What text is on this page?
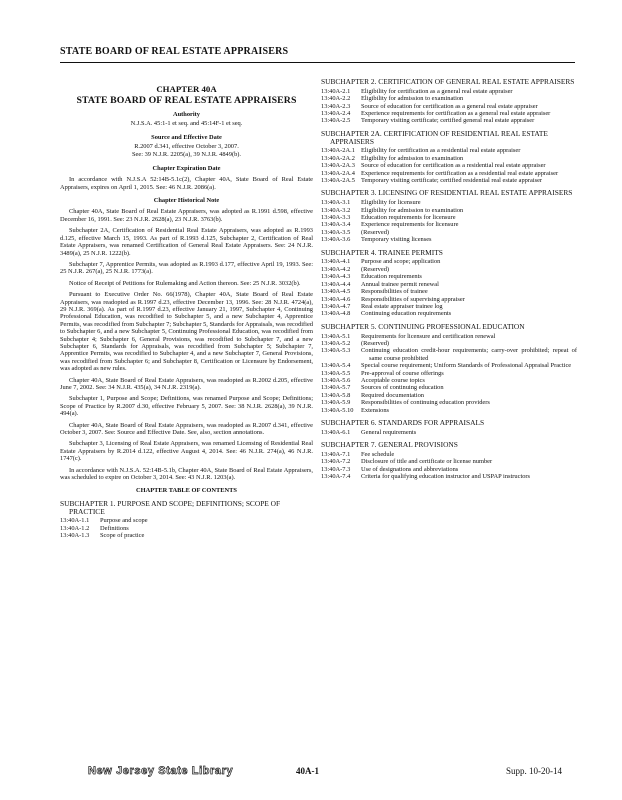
STATE BOARD OF REAL ESTATE APPRAISERS
CHAPTER 40A
STATE BOARD OF REAL ESTATE APPRAISERS
Authority
N.J.S.A. 45:1-1 et seq. and 45:14F-1 et seq.
Source and Effective Date
R.2007 d.341, effective October 3, 2007.
See: 39 N.J.R. 2205(a), 39 N.J.R. 4849(b).
Chapter Expiration Date

In accordance with N.J.S.A 52:14B-5.1c(2), Chapter 40A, State Board of Real Estate Appraisers, expires on April 1, 2015. See: 46 N.J.R. 2086(a).

Chapter Historical Note

Chapter 40A, State Board of Real Estate Appraisers, was adopted as R.1991 d.598, effective December 16, 1991. See: 23 N.J.R. 2628(a), 23 N.J.R. 3763(b).

Subchapter 2A, Certification of Residential Real Estate Appraisers, was adopted as R.1993 d.125, effective March 15, 1993. As part of R.1993 d.125, Subchapter 2, Certification of Real Estate Appraisers, was renamed Certification of General Real Estate Appraisers. See: 24 N.J.R. 3489(a), 25 N.J.R. 1222(b).

Subchapter 7, Apprentice Permits, was adopted as R.1993 d.177, effective April 19, 1993. See: 25 N.J.R. 267(a), 25 N.J.R. 1773(a).

Notice of Receipt of Petitions for Rulemaking and Action thereon. See: 25 N.J.R. 3032(b).

Pursuant to Executive Order No. 66(1978), Chapter 40A, State Board of Real Estate Appraisers, was readopted as R.1997 d.23, effective December 13, 1996. See: 28 N.J.R. 4724(a), 29 N.J.R. 369(a). As part of R.1997 d.23, effective January 21, 1997, Subchapter 4, Continuing Professional Education, was recodified to Subchapter 5, and a new Subchapter 4, Apprentice Permits, was recodified from Subchapter 7; Subchapter 5, Standards for Appraisals, was recodified to Subchapter 6, and a new Subchapter 5, Continuing Professional Education, was recodified from Subchapter 4; Subchapter 6, General Provisions, was recodified to Subchapter 7, and a new Subchapter 6, Standards for Appraisals, was recodified from Subchapter 5; Subchapter 7, Apprentice Permits, was recodified to Subchapter 4, and a new Subchapter 7, General Provisions, was recodified from Subchapter 6; and Subchapter 8, Certification or Licensure by Endorsement, was adopted as new rules.

Chapter 40A, State Board of Real Estate Appraisers, was readopted as R.2002 d.205, effective June 7, 2002. See: 34 N.J.R. 435(a), 34 N.J.R. 2319(a).

Subchapter 1, Purpose and Scope; Definitions, was renamed Purpose and Scope; Definitions; Scope of Practice by R.2007 d.30, effective February 5, 2007. See: 38 N.J.R. 2628(a), 39 N.J.R. 494(a).

Chapter 40A, State Board of Real Estate Appraisers, was readopted as R.2007 d.341, effective October 3, 2007. See: Source and Effective Date. See, also, section annotations.

Subchapter 3, Licensing of Real Estate Appraisers, was renamed Licensing of Residential Real Estate Appraisers by R.2014 d.122, effective August 4, 2014. See: 46 N.J.R. 274(a), 46 N.J.R. 1747(c).

In accordance with N.J.S.A. 52:14B-5.1b, Chapter 40A, State Board of Real Estate Appraisers, was scheduled to expire on October 3, 2014. See: 43 N.J.R. 1203(a).

CHAPTER TABLE OF CONTENTS
SUBCHAPTER 1. PURPOSE AND SCOPE; DEFINITIONS; SCOPE OF PRACTICE
13:40A-1.1	Purpose and scope
13:40A-1.2	Definitions
13:40A-1.3	Scope of practice
SUBCHAPTER 2. CERTIFICATION OF GENERAL REAL ESTATE APPRAISERS
13:40A-2.1	Eligibility for certification as a general real estate appraiser
13:40A-2.2	Eligibility for admission to examination
13:40A-2.3	Source of education for certification as a general real estate appraiser
13:40A-2.4	Experience requirements for certification as a general real estate appraiser
13:40A-2.5	Temporary visiting certificate; certified general real estate appraiser
SUBCHAPTER 2A. CERTIFICATION OF RESIDENTIAL REAL ESTATE APPRAISERS
13:40A-2A.1 Eligibility for certification as a residential real estate appraiser
13:40A-2A.2 Eligibility for admission to examination
13:40A-2A.3 Source of education for certification as a residential real estate appraiser
13:40A-2A.4 Experience requirements for certification as a residential real estate appraiser
13:40A-2A.5 Temporary visiting certificate; certified residential real estate appraiser
SUBCHAPTER 3. LICENSING OF RESIDENTIAL REAL ESTATE APPRAISERS
13:40A-3.1	Eligibility for licensure
13:40A-3.2	Eligibility for admission to examination
13:40A-3.3	Education requirements for licensure
13:40A-3.4	Experience requirements for licensure
13:40A-3.5	(Reserved)
13:40A-3.6	Temporary visiting licenses
SUBCHAPTER 4. TRAINEE PERMITS
13:40A-4.1	Purpose and scope; application
13:40A-4.2	(Reserved)
13:40A-4.3	Education requirements
13:40A-4.4	Annual trainee permit renewal
13:40A-4.5	Responsibilities of trainee
13:40A-4.6	Responsibilities of supervising appraiser
13:40A-4.7	Real estate appraiser trainee log
13:40A-4.8	Continuing education requirements
SUBCHAPTER 5. CONTINUING PROFESSIONAL EDUCATION
13:40A-5.1	Requirements for licensure and certification renewal
13:40A-5.2	(Reserved)
13:40A-5.3	Continuing education credit-hour requirements; carry-over prohibited; repeat of same course prohibited
13:40A-5.4	Special course requirement; Uniform Standards of Professional Appraisal Practice
13:40A-5.5	Pre-approval of course offerings
13:40A-5.6	Acceptable course topics
13:40A-5.7	Sources of continuing education
13:40A-5.8	Required documentation
13:40A-5.9	Responsibilities of continuing education providers
13:40A-5.10	Extensions
SUBCHAPTER 6. STANDARDS FOR APPRAISALS
13:40A-6.1	General requirements
SUBCHAPTER 7. GENERAL PROVISIONS
13:40A-7.1	Fee schedule
13:40A-7.2	Disclosure of title and certificate or license number
13:40A-7.3	Use of designations and abbreviations
13:40A-7.4	Criteria for qualifying education instructor and USPAP instructors
New Jersey State Library	40A-1	Supp. 10-20-14
